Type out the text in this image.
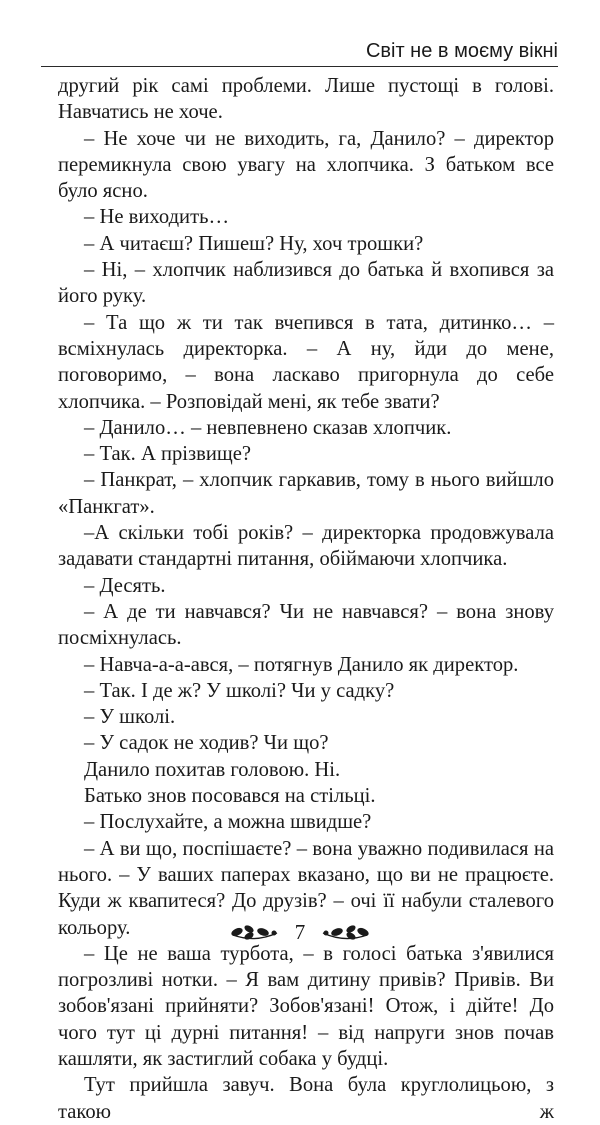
Світ не в моєму вікні

другий рік самі проблеми. Лише пустощі в голові. Навчатись не хоче.

– Не хоче чи не виходить, га, Данило? – директор перемикнула свою увагу на хлопчика. З батьком все було ясно.

– Не виходить…

– А читаєш? Пишеш? Ну, хоч трошки?

– Ні, – хлопчик наблизився до батька й вхопився за його руку.

– Та що ж ти так вчепився в тата, дитинко… – всміхнулась директорка. – А ну, йди до мене, поговоримо, – вона ласкаво пригорнула до себе хлопчика. – Розповідай мені, як тебе звати?

– Данило… – невпевнено сказав хлопчик.

– Так. А прізвище?

– Панкрат, – хлопчик гаркавив, тому в нього вийшло «Панкгат».

–А скільки тобі років? – директорка продовжувала задавати стандартні питання, обіймаючи хлопчика.

– Десять.

– А де ти навчався? Чи не навчався? – вона знову посміхнулась.

– Навча-а-а-ався, – потягнув Данило як директор.

– Так. І де ж? У школі? Чи у садку?

– У школі.

– У садок не ходив? Чи що?

Данило похитав головою. Ні.

Батько знов посовався на стільці.

– Послухайте, а можна швидше?

– А ви що, поспішаєте? – вона уважно подивилася на нього. – У ваших паперах вказано, що ви не працюєте. Куди ж квапитеся? До друзів? – очі її набули сталевого кольору.

– Це не ваша турбота, – в голосі батька з'явилися погрозливі нотки. – Я вам дитину привів? Привів. Ви зобов'язані прийняти? Зобов'язані! Отож, і дійте! До чого тут ці дурні питання! – від напруги знов почав кашляти, як застиглий собака у будці.

Тут прийшла завуч. Вона була круглолицьою, з такою ж

7
